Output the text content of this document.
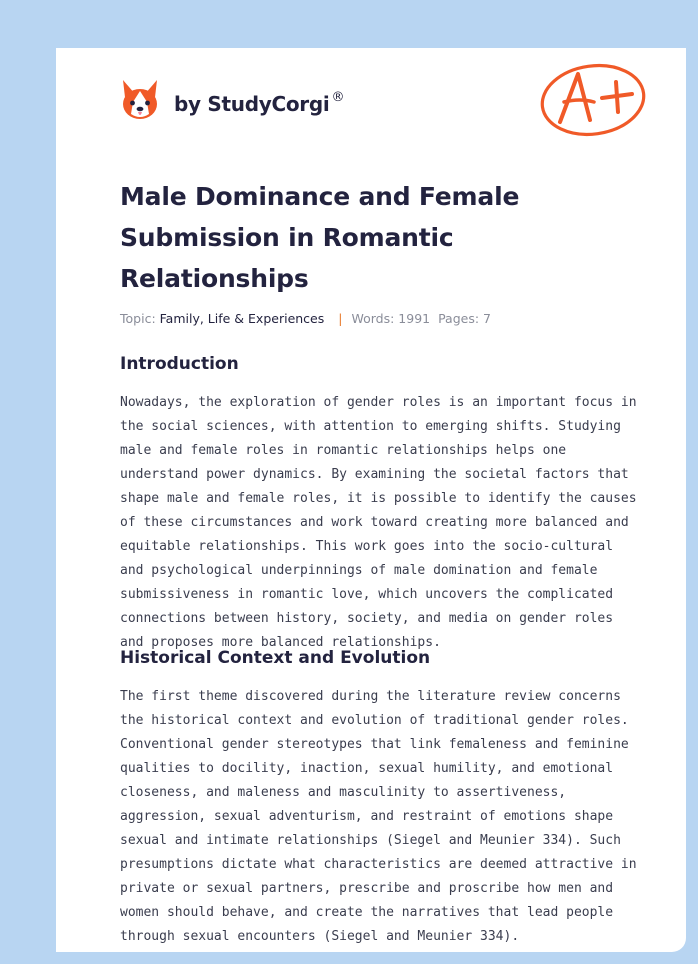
by StudyCorgi ®
Male Dominance and Female Submission in Romantic Relationships
Topic: Family, Life & Experiences | Words: 1991 Pages: 7
Introduction

Nowadays, the exploration of gender roles is an important focus in the social sciences, with attention to emerging shifts. Studying male and female roles in romantic relationships helps one understand power dynamics. By examining the societal factors that shape male and female roles, it is possible to identify the causes of these circumstances and work toward creating more balanced and equitable relationships. This work goes into the socio-cultural and psychological underpinnings of male domination and female submissiveness in romantic love, which uncovers the complicated connections between history, society, and media on gender roles and proposes more balanced relationships.

Historical Context and Evolution

The first theme discovered during the literature review concerns the historical context and evolution of traditional gender roles. Conventional gender stereotypes that link femaleness and feminine qualities to docility, inaction, sexual humility, and emotional closeness, and maleness and masculinity to assertiveness, aggression, sexual adventurism, and restraint of emotions shape sexual and intimate relationships (Siegel and Meunier 334). Such presumptions dictate what characteristics are deemed attractive in private or sexual partners, prescribe and proscribe how men and women should behave, and create the narratives that lead people through sexual encounters (Siegel and Meunier 334).
